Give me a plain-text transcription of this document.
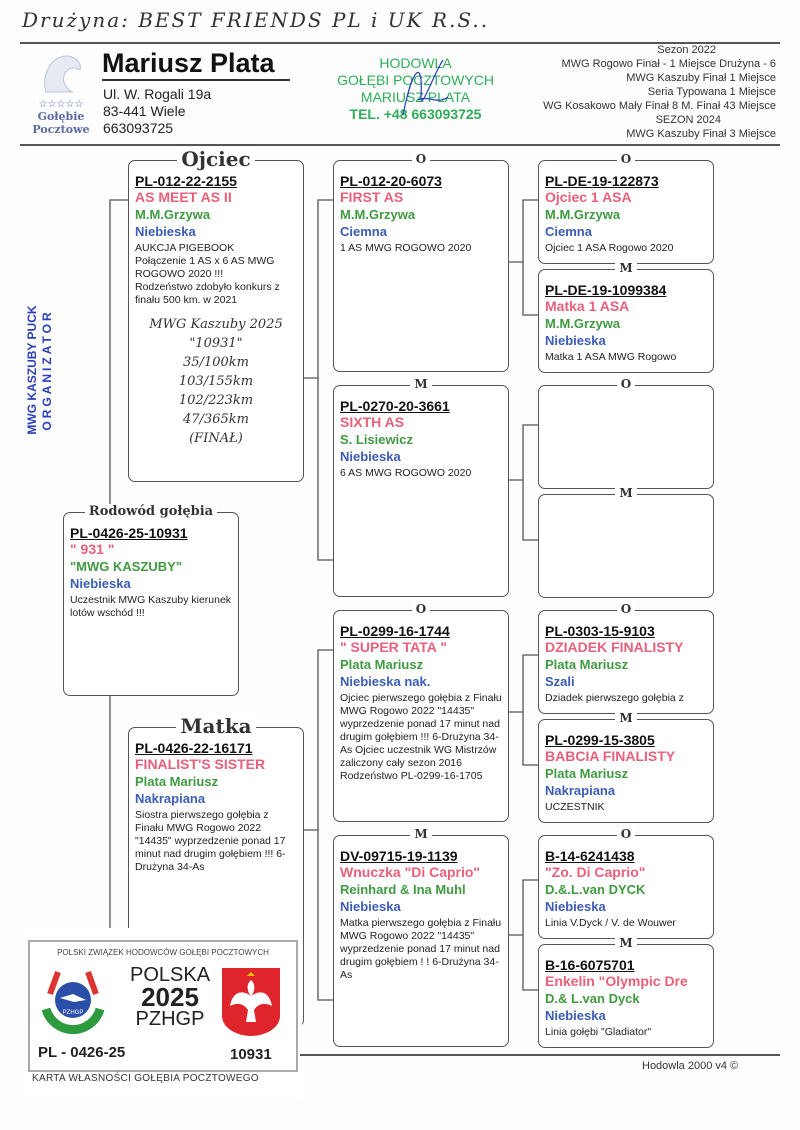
Drużyna: BEST FRIENDS PL i UK R.S..
☆☆☆☆☆
Gołębie
Pocztowe
Mariusz Plata
Ul. W. Rogali 19a
83-441 Wiele
663093725
HODOWLA
GOŁĘBI POCZTOWYCH
MARIUSZ PLATA
TEL. +48 663093725
Sezon 2022
MWG Rogowo Finał - 1 Miejsce Drużyna - 6
MWG Kaszuby Finał 1 Miejsce
Seria Typowana 1 Miejsce
WG Kosakowo Mały Finał 8 M. Finał 43 Miejsce
SEZON 2024
MWG Kaszuby Finał 3 Miejsce
MWG KASZUBY PUCK ORGANIZATOR
Ojciec
PL-012-22-2155
AS MEET AS II
M.M.Grzywa
Niebieska
AUKCJA PIGEBOOK
Połączenie 1 AS x 6 AS MWG ROGOWO 2020 !!!
Rodzeństwo zdobyło konkurs z finału 500 km. w 2021
MWG Kaszuby 2025
"10931"
35/100km
103/155km
102/223km
47/365km
(FINAŁ)
Rodowód gołębia
PL-0426-25-10931
" 931 "
"MWG KASZUBY"
Niebieska
Uczestnik MWG Kaszuby kierunek lotów wschód !!!
Matka
PL-0426-22-16171
FINALIST'S SISTER
Plata Mariusz
Nakrapiana
Siostra pierwszego gołębia z Finału MWG Rogowo 2022 "14435" wyprzedzenie ponad 17 minut nad drugim gołębiem !!! 6-Drużyna 34-As
O
PL-012-20-6073
FIRST AS
M.M.Grzywa
Ciemna
1 AS MWG ROGOWO 2020
M
PL-0270-20-3661
SIXTH AS
S. Lisiewicz
Niebieska
6 AS MWG ROGOWO 2020
O
PL-0299-16-1744
" SUPER TATA "
Plata Mariusz
Niebieska nak.
Ojciec pierwszego gołębia z Finału MWG Rogowo 2022 "14435" wyprzedzenie ponad 17 minut nad drugim gołębiem !!! 6-Drużyna 34-As Ojciec uczestnik WG Mistrzów zaliczony cały sezon 2016 Rodzeństwo PL-0299-16-1705
M
DV-09715-19-1139
Wnuczka "Di Caprio"
Reinhard & Ina Muhl
Niebieska
Matka pierwszego gołębia z Finału MWG Rogowo 2022 "14435" wyprzedzenie ponad 17 minut nad drugim gołębiem ! ! 6-Drużyna 34-As
O
PL-DE-19-122873
Ojciec 1 ASA
M.M.Grzywa
Ciemna
Ojciec 1 ASA Rogowo 2020
M
PL-DE-19-1099384
Matka 1 ASA
M.M.Grzywa
Niebieska
Matka 1 ASA MWG Rogowo
O
M
O
PL-0303-15-9103
DZIADEK FINALISTY
Plata Mariusz
Szali
Dziadek pierwszego gołębia z
M
PL-0299-15-3805
BABCIA FINALISTY
Plata Mariusz
Nakrapiana
UCZESTNIK
O
B-14-6241438
"Zo. Di Caprio"
D.&.L.van DYCK
Niebieska
Linia V.Dyck / V. de Wouwer
M
B-16-6075701
Enkelin "Olympic Dre
D.& L.van Dyck
Niebieska
Linia gołębi "Gladiator"
POLSKI ZWIĄZEK HODOWCÓW GOŁĘBI POCZTOWYCH
PZHGP
POLSKA
2025
PZHGP
PL - 0426-25	10931
KARTA WŁASNOŚCI GOŁĘBIA POCZTOWEGO
Hodowla 2000 v4 ©
